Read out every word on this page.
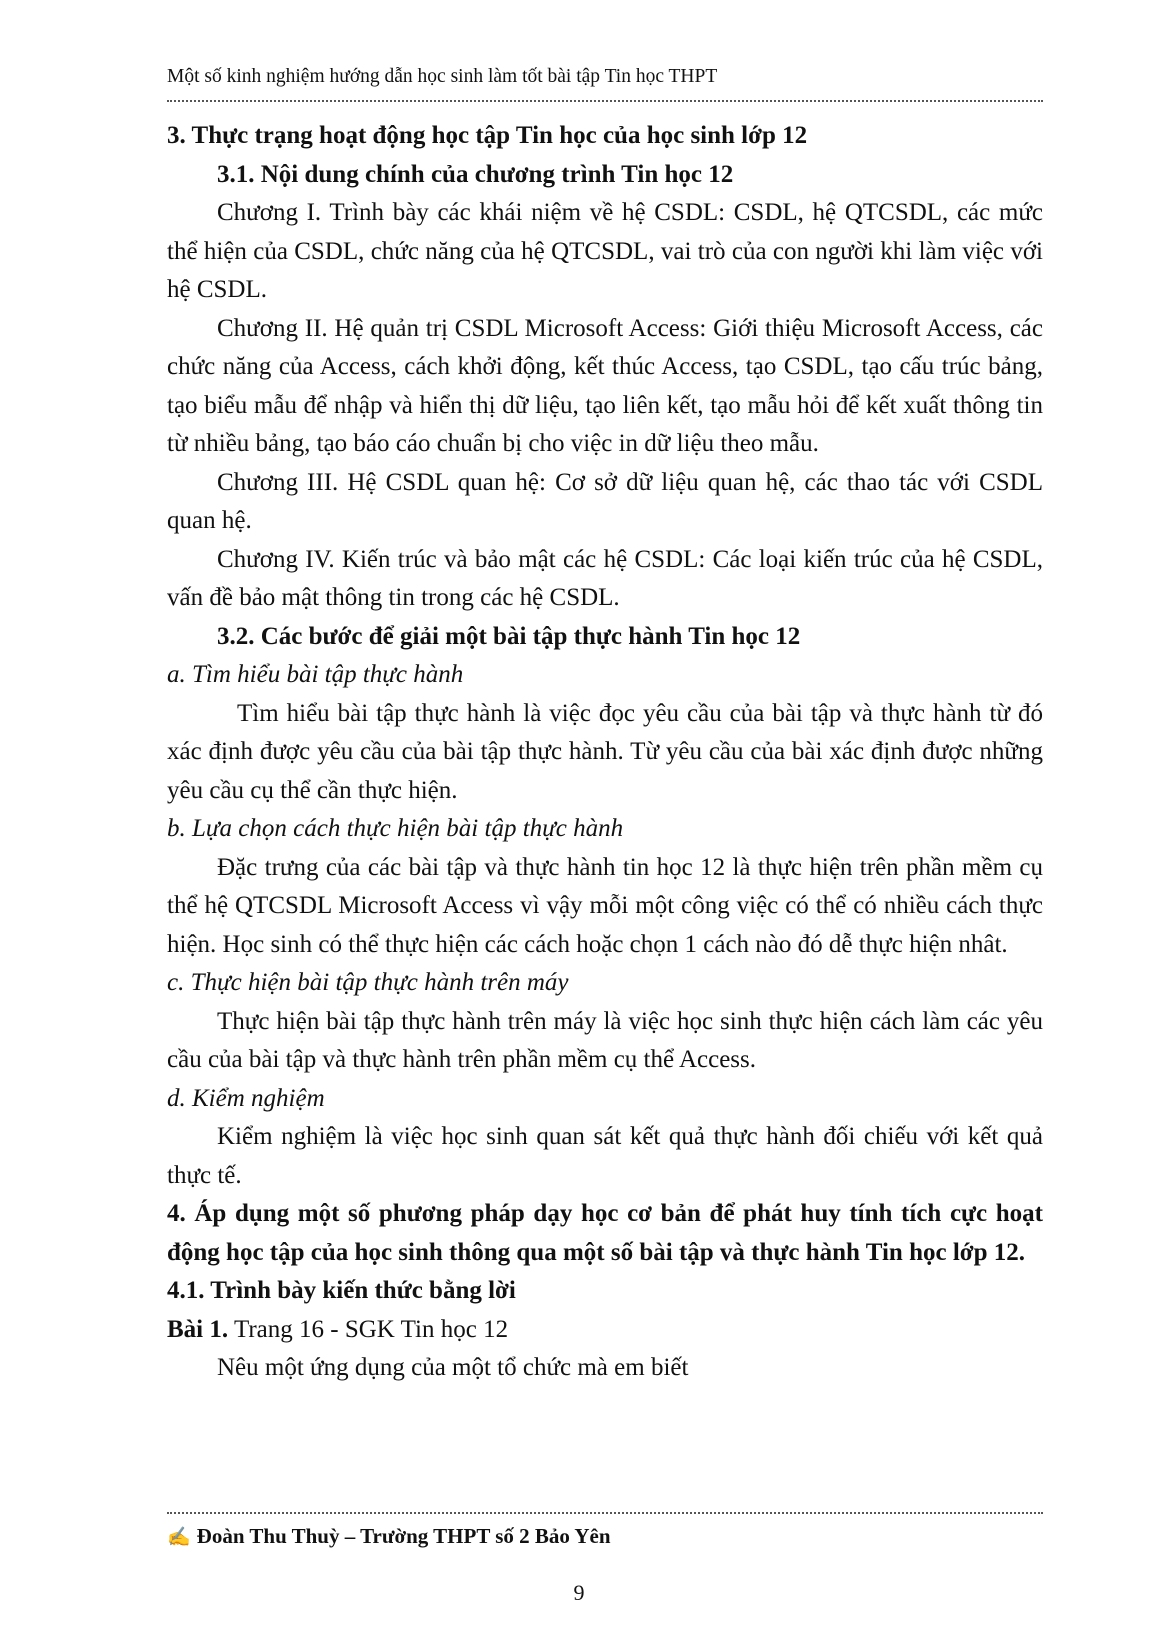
Một số kinh nghiệm hướng dẫn học sinh làm tốt bài tập Tin học THPT

3. Thực trạng hoạt động học tập Tin học của học sinh lớp 12

3.1. Nội dung chính của chương trình Tin học 12

Chương I. Trình bày các khái niệm về hệ CSDL: CSDL, hệ QTCSDL, các mức thể hiện của CSDL, chức năng của hệ QTCSDL, vai trò của con người khi làm việc với hệ CSDL.

Chương II. Hệ quản trị CSDL Microsoft Access: Giới thiệu Microsoft Access, các chức năng của Access, cách khởi động, kết thúc Access, tạo CSDL, tạo cấu trúc bảng, tạo biểu mẫu để nhập và hiển thị dữ liệu, tạo liên kết, tạo mẫu hỏi để kết xuất thông tin từ nhiều bảng, tạo báo cáo chuẩn bị cho việc in dữ liệu theo mẫu.

Chương III. Hệ CSDL quan hệ: Cơ sở dữ liệu quan hệ, các thao tác với CSDL quan hệ.

Chương IV. Kiến trúc và bảo mật các hệ CSDL: Các loại kiến trúc của hệ CSDL, vấn đề bảo mật thông tin trong các hệ CSDL.

3.2. Các bước để giải một bài tập thực hành Tin học 12

a. Tìm hiểu bài tập thực hành

Tìm hiểu bài tập thực hành là việc đọc yêu cầu của bài tập và thực hành từ đó xác định được yêu cầu của bài tập thực hành. Từ yêu cầu của bài xác định được những yêu cầu cụ thể cần thực hiện.

b. Lựa chọn cách thực hiện bài tập thực hành

Đặc trưng của các bài tập và thực hành tin học 12 là thực hiện trên phần mềm cụ thể hệ QTCSDL Microsoft Access vì vậy mỗi một công việc có thể có nhiều cách thực hiện. Học sinh có thể thực hiện các cách hoặc chọn 1 cách nào đó dễ thực hiện nhât.

c. Thực hiện bài tập thực hành trên máy

Thực hiện bài tập thực hành trên máy là việc học sinh thực hiện cách làm các yêu cầu của bài tập và thực hành trên phần mềm cụ thể Access.

d. Kiểm nghiệm

Kiểm nghiệm là việc học sinh quan sát kết quả thực hành đối chiếu với kết quả thực tế.

4. Áp dụng một số phương pháp dạy học cơ bản để phát huy tính tích cực hoạt động học tập của học sinh thông qua một số bài tập và thực hành Tin học lớp 12.

4.1. Trình bày kiến thức bằng lời

Bài 1. Trang 16 - SGK Tin học 12

Nêu một ứng dụng của một tổ chức mà em biết

✍ Đoàn Thu Thuỳ – Trường THPT số 2 Bảo Yên
9
